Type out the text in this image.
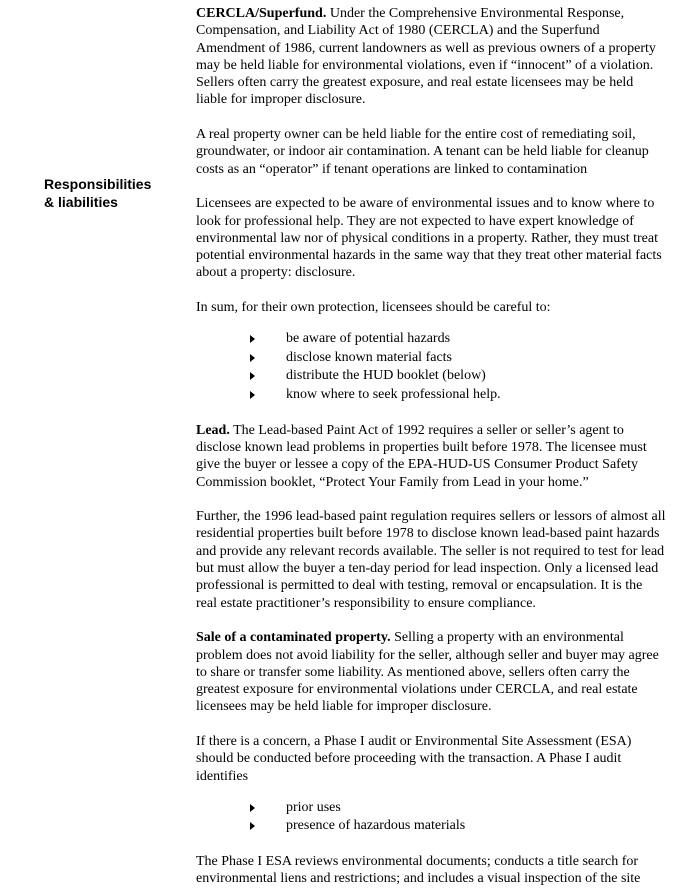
Responsibilities
& liabilities

CERCLA/Superfund. Under the Comprehensive Environmental Response, Compensation, and Liability Act of 1980 (CERCLA) and the Superfund Amendment of 1986, current landowners as well as previous owners of a property may be held liable for environmental violations, even if “innocent” of a violation. Sellers often carry the greatest exposure, and real estate licensees may be held liable for improper disclosure.

A real property owner can be held liable for the entire cost of remediating soil, groundwater, or indoor air contamination. A tenant can be held liable for cleanup costs as an “operator” if tenant operations are linked to contamination

Licensees are expected to be aware of environmental issues and to know where to look for professional help. They are not expected to have expert knowledge of environmental law nor of physical conditions in a property. Rather, they must treat potential environmental hazards in the same way that they treat other material facts about a property: disclosure.

In sum, for their own protection, licensees should be careful to:

be aware of potential hazards
disclose known material facts
distribute the HUD booklet (below)
know where to seek professional help.

Lead. The Lead-based Paint Act of 1992 requires a seller or seller’s agent to disclose known lead problems in properties built before 1978. The licensee must give the buyer or lessee a copy of the EPA-HUD-US Consumer Product Safety Commission booklet, “Protect Your Family from Lead in your home.”

Further, the 1996 lead-based paint regulation requires sellers or lessors of almost all residential properties built before 1978 to disclose known lead-based paint hazards and provide any relevant records available. The seller is not required to test for lead but must allow the buyer a ten-day period for lead inspection. Only a licensed lead professional is permitted to deal with testing, removal or encapsulation. It is the real estate practitioner’s responsibility to ensure compliance.

Sale of a contaminated property. Selling a property with an environmental problem does not avoid liability for the seller, although seller and buyer may agree to share or transfer some liability. As mentioned above, sellers often carry the greatest exposure for environmental violations under CERCLA, and real estate licensees may be held liable for improper disclosure.

If there is a concern, a Phase I audit or Environmental Site Assessment (ESA) should be conducted before proceeding with the transaction. A Phase I audit identifies

prior uses
presence of hazardous materials

The Phase I ESA reviews environmental documents; conducts a title search for environmental liens and restrictions; and includes a visual inspection of the site
